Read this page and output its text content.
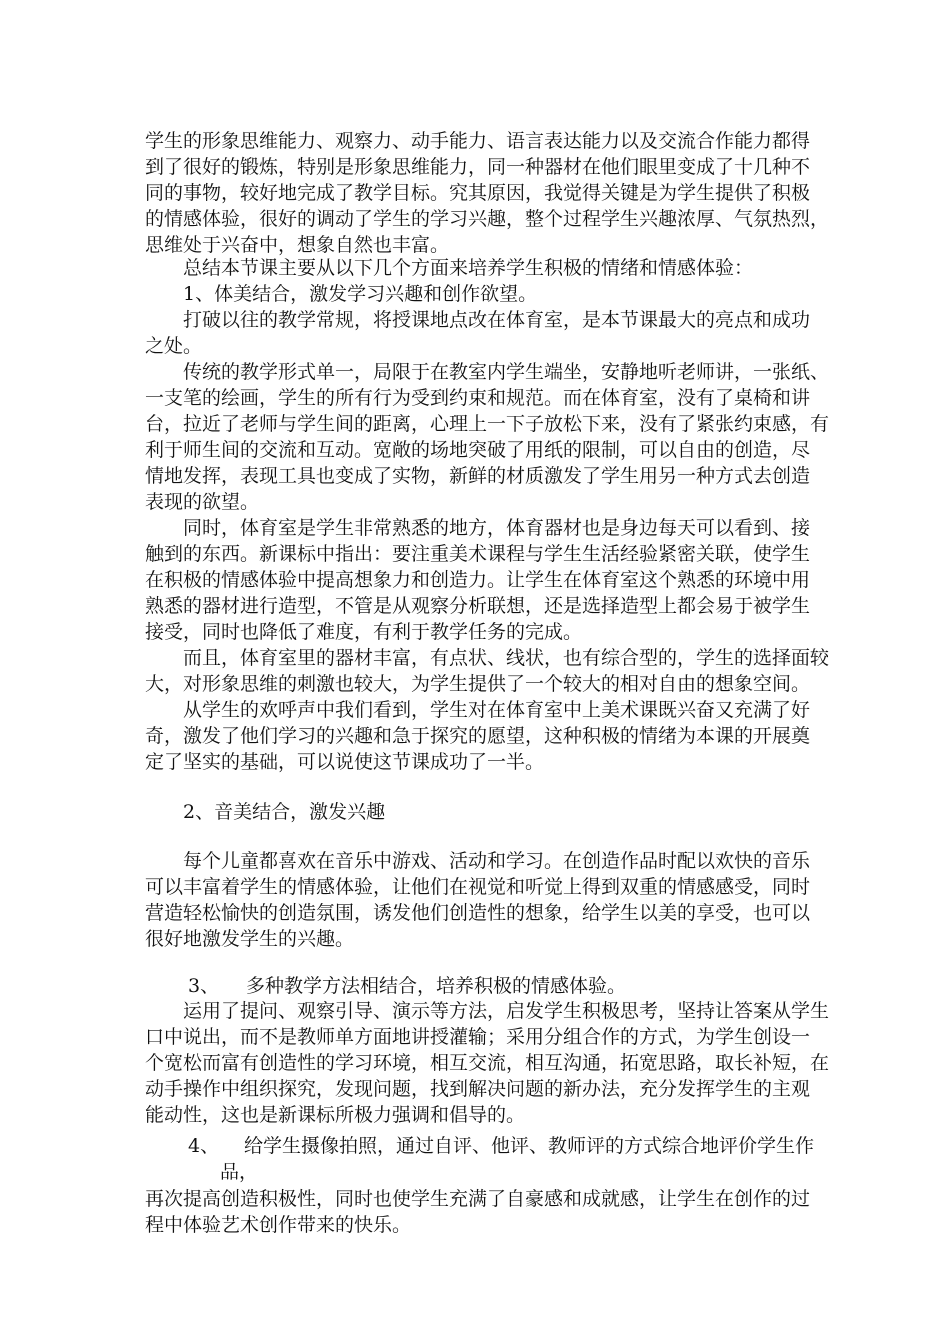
学生的形象思维能力、观察力、动手能力、语言表达能力以及交流合作能力都得

到了很好的锻炼，特别是形象思维能力，同一种器材在他们眼里变成了十几种不

同的事物，较好地完成了教学目标。究其原因，我觉得关键是为学生提供了积极

的情感体验，很好的调动了学生的学习兴趣，整个过程学生兴趣浓厚、气氛热烈，

思维处于兴奋中，想象自然也丰富。

总结本节课主要从以下几个方面来培养学生积极的情绪和情感体验：

1、体美结合，激发学习兴趣和创作欲望。

打破以往的教学常规，将授课地点改在体育室，是本节课最大的亮点和成功

之处。

传统的教学形式单一，局限于在教室内学生端坐，安静地听老师讲，一张纸、

一支笔的绘画，学生的所有行为受到约束和规范。而在体育室，没有了桌椅和讲

台，拉近了老师与学生间的距离，心理上一下子放松下来，没有了紧张约束感，有

利于师生间的交流和互动。宽敞的场地突破了用纸的限制，可以自由的创造，尽

情地发挥，表现工具也变成了实物，新鲜的材质激发了学生用另一种方式去创造

表现的欲望。

同时，体育室是学生非常熟悉的地方，体育器材也是身边每天可以看到、接

触到的东西。新课标中指出：要注重美术课程与学生生活经验紧密关联，使学生

在积极的情感体验中提高想象力和创造力。让学生在体育室这个熟悉的环境中用

熟悉的器材进行造型，不管是从观察分析联想，还是选择造型上都会易于被学生

接受，同时也降低了难度，有利于教学任务的完成。

而且，体育室里的器材丰富，有点状、线状，也有综合型的，学生的选择面较

大，对形象思维的刺激也较大，为学生提供了一个较大的相对自由的想象空间。

从学生的欢呼声中我们看到，学生对在体育室中上美术课既兴奋又充满了好

奇，激发了他们学习的兴趣和急于探究的愿望，这种积极的情绪为本课的开展奠

定了坚实的基础，可以说使这节课成功了一半。

2、音美结合，激发兴趣

每个儿童都喜欢在音乐中游戏、活动和学习。在创造作品时配以欢快的音乐

可以丰富着学生的情感体验，让他们在视觉和听觉上得到双重的情感感受，同时

营造轻松愉快的创造氛围，诱发他们创造性的想象，给学生以美的享受，也可以

很好地激发学生的兴趣。

3、 多种教学方法相结合，培养积极的情感体验。

运用了提问、观察引导、演示等方法，启发学生积极思考，坚持让答案从学生

口中说出，而不是教师单方面地讲授灌输；采用分组合作的方式，为学生创设一

个宽松而富有创造性的学习环境，相互交流，相互沟通，拓宽思路，取长补短，在

动手操作中组织探究，发现问题，找到解决问题的新办法，充分发挥学生的主观

能动性，这也是新课标所极力强调和倡导的。

4、 给学生摄像拍照，通过自评、他评、教师评的方式综合地评价学生作

品，

再次提高创造积极性，同时也使学生充满了自豪感和成就感，让学生在创作的过

程中体验艺术创作带来的快乐。
